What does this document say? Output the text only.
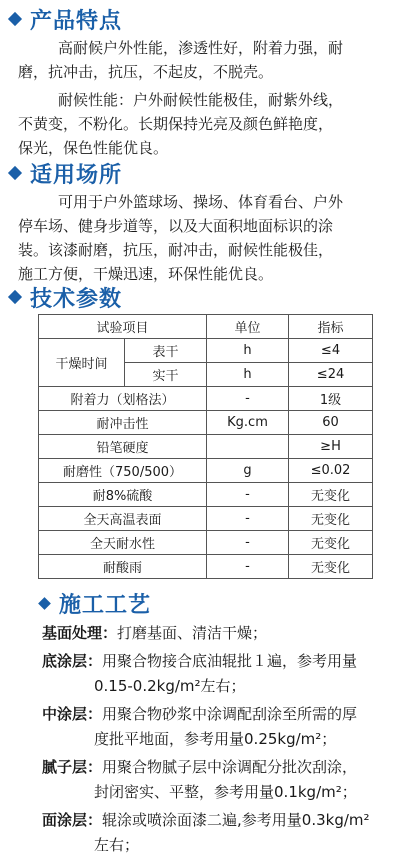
产品特点

高耐候户外性能，渗透性好，附着力强，耐
磨，抗冲击，抗压，不起皮，不脱壳。

耐候性能：户外耐候性能极佳，耐紫外线，
不黄变，不粉化。长期保持光亮及颜色鲜艳度，
保光，保色性能优良。

适用场所

可用于户外篮球场、操场、体育看台、户外
停车场、健身步道等，以及大面积地面标识的涂
装。该漆耐磨，抗压，耐冲击，耐候性能极佳，
施工方便，干燥迅速，环保性能优良。

技术参数
试验项目		单位	指标
干燥时间	表干	h	≤4
	实干	h	≤24
附着力（划格法）		-	1级
耐冲击性		Kg.cm	60
铅笔硬度			≥H
耐磨性（750/500）		g	≤0.02
耐8%硫酸		-	无变化
全天高温表面		-	无变化
全天耐水性		-	无变化
耐酸雨		-	无变化
施工工艺
基面处理：打磨基面、清洁干燥；
底涂层：用聚合物接合底油辊批１遍，参考用量
0.15-0.2kg/m²左右；
中涂层：用聚合物砂浆中涂调配刮涂至所需的厚
度批平地面，参考用量0.25kg/m²；
腻子层：用聚合物腻子层中涂调配分批次刮涂，
封闭密实、平整，参考用量0.1kg/m²；
面涂层：辊涂或喷涂面漆二遍,参考用量0.3kg/m²
左右；
